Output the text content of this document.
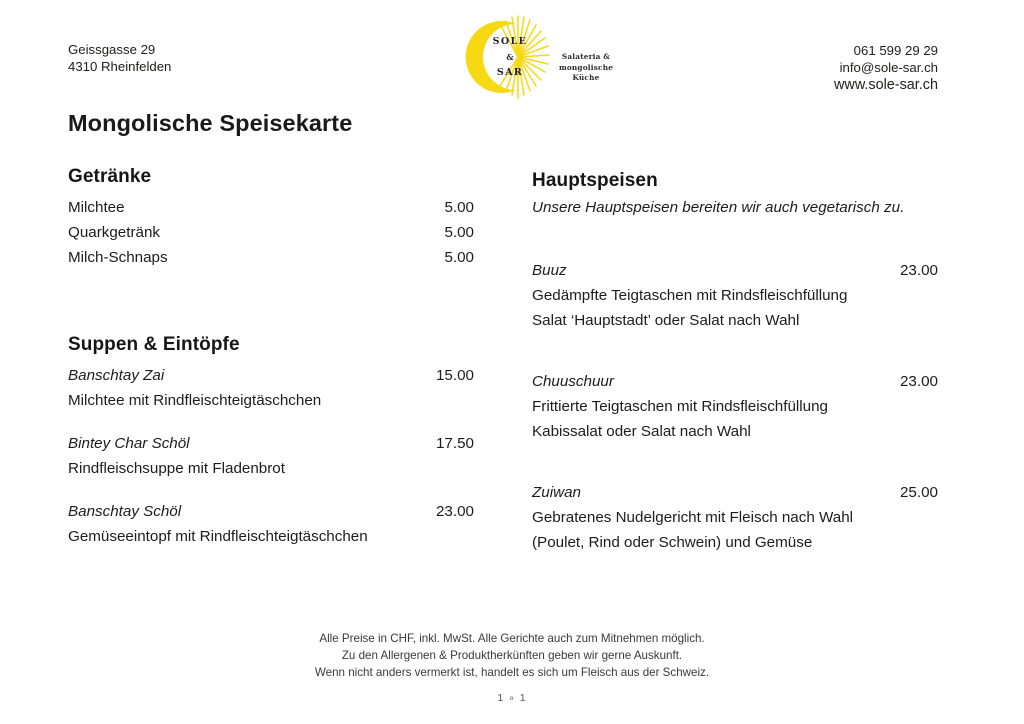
Geissgasse 29
4310 Rheinfelden
SOLE
&
SAR
Salateria &
mongolische
Küche
061 599 29 29
info@sole-sar.ch
www.sole-sar.ch
Mongolische Speisekarte
Getränke
Milchtee	5.00
Quarkgetränk	5.00
Milch-Schnaps	5.00
Suppen & Eintöpfe
Banschtay Zai	15.00
Milchtee mit Rindfleischteigtäschchen
Bintey Char Schöl	17.50
Rindfleischsuppe mit Fladenbrot
Banschtay Schöl	23.00
Gemüseeintopf mit Rindfleischteigtäschchen
Hauptspeisen
Unsere Hauptspeisen bereiten wir auch vegetarisch zu.
Buuz	23.00
Gedämpfte Teigtaschen mit Rindsfleischfüllung
Salat ‘Hauptstadt’ oder Salat nach Wahl
Chuuschuur	23.00
Frittierte Teigtaschen mit Rindsfleischfüllung
Kabissalat oder Salat nach Wahl
Zuiwan	25.00
Gebratenes Nudelgericht mit Fleisch nach Wahl
(Poulet, Rind oder Schwein) und Gemüse
Alle Preise in CHF, inkl. MwSt. Alle Gerichte auch zum Mitnehmen möglich.
Zu den Allergenen & Produktherkünften geben wir gerne Auskunft.
Wenn nicht anders vermerkt ist, handelt es sich um Fleisch aus der Schweiz.
1 ∘ 1
